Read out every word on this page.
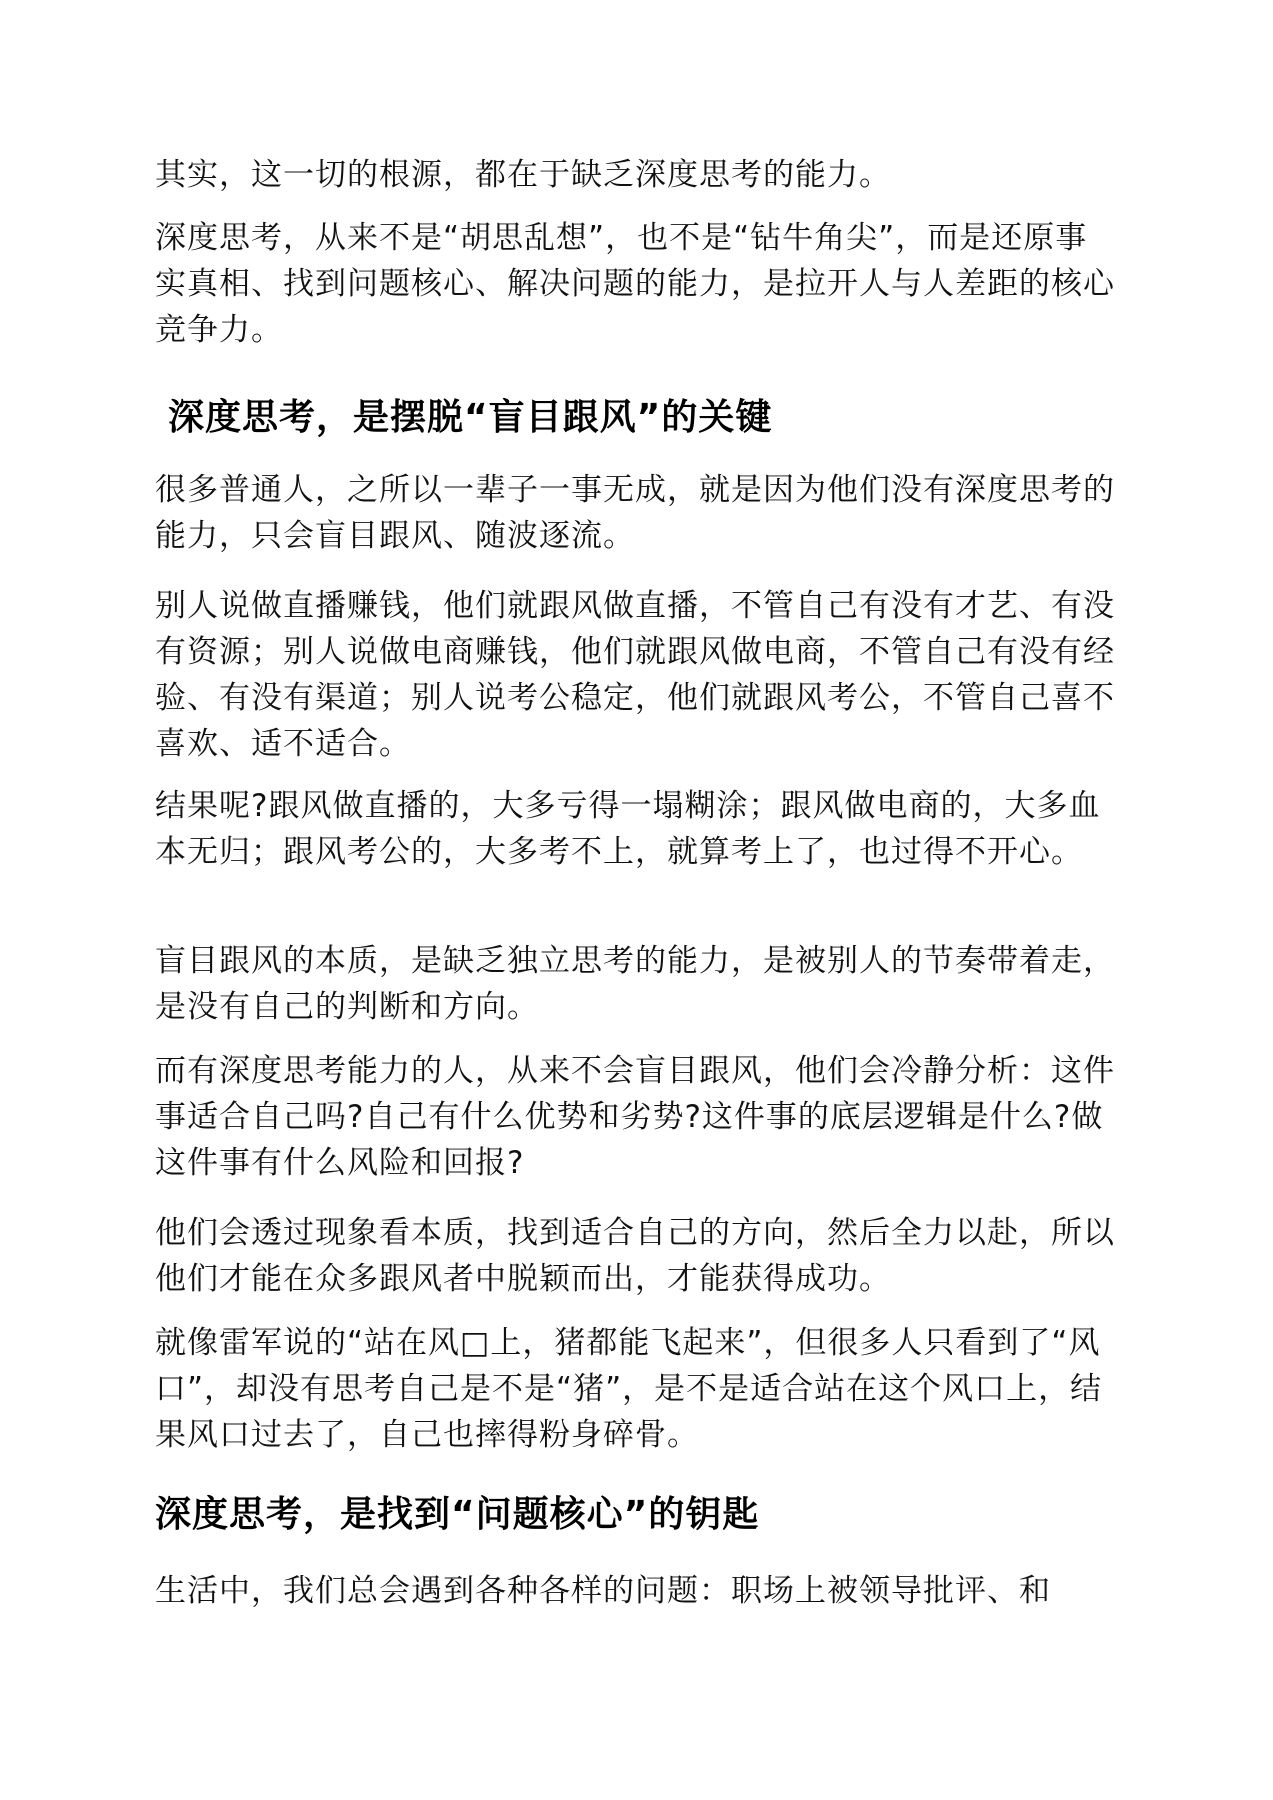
其实，这一切的根源，都在于缺乏深度思考的能力。

深度思考，从来不是“胡思乱想”，也不是“钻牛角尖”，而是还原事实真相、找到问题核心、解决问题的能力，是拉开人与人差距的核心竞争力。

深度思考，是摆脱“盲目跟风”的关键

很多普通人，之所以一辈子一事无成，就是因为他们没有深度思考的能力，只会盲目跟风、随波逐流。

别人说做直播赚钱，他们就跟风做直播，不管自己有没有才艺、有没有资源；别人说做电商赚钱，他们就跟风做电商，不管自己有没有经验、有没有渠道；别人说考公稳定，他们就跟风考公，不管自己喜不喜欢、适不适合。

结果呢?跟风做直播的，大多亏得一塌糊涂；跟风做电商的，大多血本无归；跟风考公的，大多考不上，就算考上了，也过得不开心。

盲目跟风的本质，是缺乏独立思考的能力，是被别人的节奏带着走，是没有自己的判断和方向。

而有深度思考能力的人，从来不会盲目跟风，他们会冷静分析：这件事适合自己吗?自己有什么优势和劣势?这件事的底层逻辑是什么?做这件事有什么风险和回报?

他们会透过现象看本质，找到适合自己的方向，然后全力以赴，所以他们才能在众多跟风者中脱颖而出，才能获得成功。

就像雷军说的“站在风□上，猪都能飞起来”，但很多人只看到了“风口”，却没有思考自己是不是“猪”，是不是适合站在这个风口上，结果风口过去了，自己也摔得粉身碎骨。

深度思考，是找到“问题核心”的钥匙

生活中，我们总会遇到各种各样的问题：职场上被领导批评、和
